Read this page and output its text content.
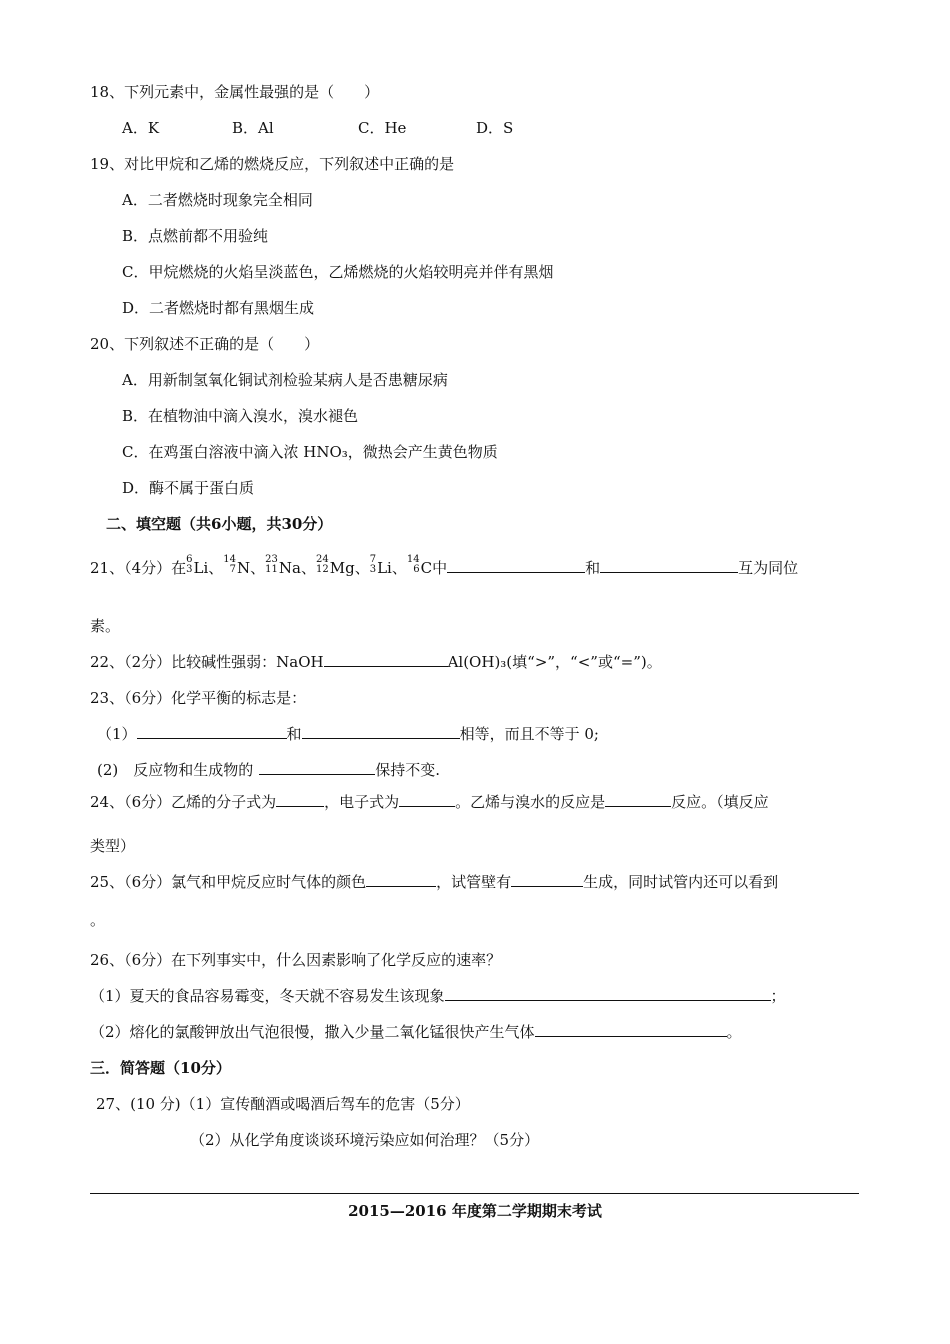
18、下列元素中，金属性最强的是（　　）
A．K	B．Al	C．He	D．S
19、对比甲烷和乙烯的燃烧反应，下列叙述中正确的是
A．二者燃烧时现象完全相同
B．点燃前都不用验纯
C．甲烷燃烧的火焰呈淡蓝色，乙烯燃烧的火焰较明亮并伴有黑烟
D．二者燃烧时都有黑烟生成
20、下列叙述不正确的是（　　）
A．用新制氢氧化铜试剂检验某病人是否患糖尿病
B．在植物油中滴入溴水，溴水褪色
C．在鸡蛋白溶液中滴入浓 HNO₃，微热会产生黄色物质
D．酶不属于蛋白质
二、填空题（共6小题，共30分）
21、（4分）在 6
3 Li、 14
7 N、 23
11 Na、 24
12 Mg、 7
3 Li、 14
6 C中	和	互为同位
素。
22、（2分）比较碱性强弱：NaOH	Al(OH)₃(填“>”，“<”或“=”)。
23、（6分）化学平衡的标志是：
（1）	和	相等，而且不等于 0;
(2)　反应物和生成物的	保持不变.
24、（6分）乙烯的分子式为	，电子式为	。乙烯与溴水的反应是	反应。（填反应
类型）
25、（6分）氯气和甲烷反应时气体的颜色	，试管壁有	生成，同时试管内还可以看到
。
26、（6分）在下列事实中，什么因素影响了化学反应的速率？
（1）夏天的食品容易霉变，冬天就不容易发生该现象	；
（2）熔化的氯酸钾放出气泡很慢，撒入少量二氧化锰很快产生气体	。
三．简答题（10分）
27、(10 分)（1）宣传酗酒或喝酒后驾车的危害（5分）
（2）从化学角度谈谈环境污染应如何治理？（5分）
2015—2016 年度第二学期期末考试
